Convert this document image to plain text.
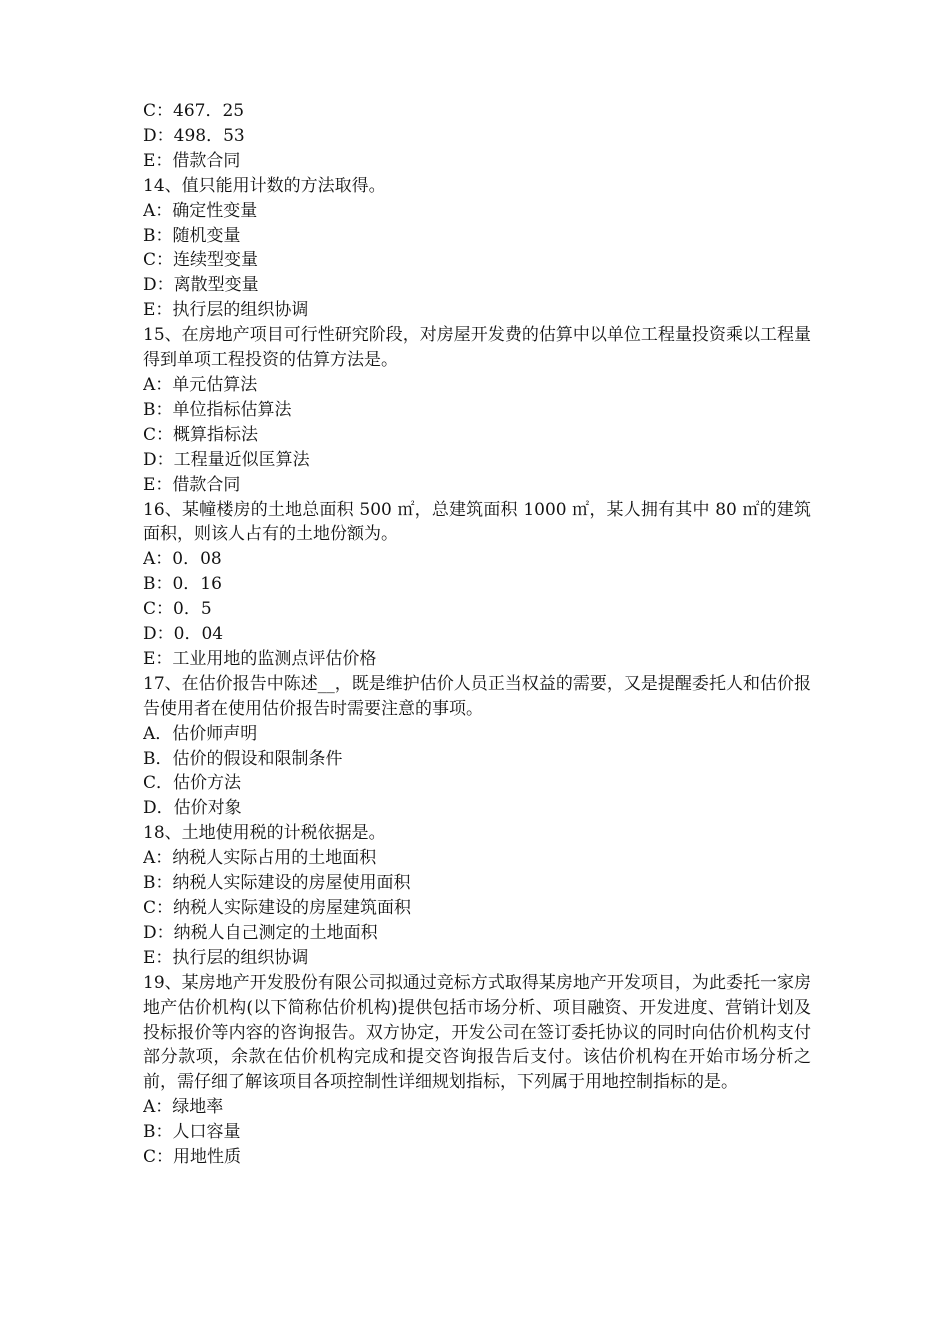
C：467．25
D：498．53
E：借款合同
14、值只能用计数的方法取得。
A：确定性变量
B：随机变量
C：连续型变量
D：离散型变量
E：执行层的组织协调
15、在房地产项目可行性研究阶段，对房屋开发费的估算中以单位工程量投资乘以工程量得到单项工程投资的估算方法是。
A：单元估算法
B：单位指标估算法
C：概算指标法
D：工程量近似匡算法
E：借款合同
16、某幢楼房的土地总面积 500 ㎡，总建筑面积 1000 ㎡，某人拥有其中 80 ㎡的建筑面积，则该人占有的土地份额为。
A：0．08
B：0．16
C：0．5
D：0．04
E：工业用地的监测点评估价格
17、在估价报告中陈述__，既是维护估价人员正当权益的需要，又是提醒委托人和估价报告使用者在使用估价报告时需要注意的事项。
A．估价师声明
B．估价的假设和限制条件
C．估价方法
D．估价对象
18、土地使用税的计税依据是。
A：纳税人实际占用的土地面积
B：纳税人实际建设的房屋使用面积
C：纳税人实际建设的房屋建筑面积
D：纳税人自己测定的土地面积
E：执行层的组织协调
19、某房地产开发股份有限公司拟通过竞标方式取得某房地产开发项目，为此委托一家房地产估价机构(以下简称估价机构)提供包括市场分析、项目融资、开发进度、营销计划及投标报价等内容的咨询报告。双方协定，开发公司在签订委托协议的同时向估价机构支付部分款项，余款在估价机构完成和提交咨询报告后支付。该估价机构在开始市场分析之前，需仔细了解该项目各项控制性详细规划指标，下列属于用地控制指标的是。
A：绿地率
B：人口容量
C：用地性质
